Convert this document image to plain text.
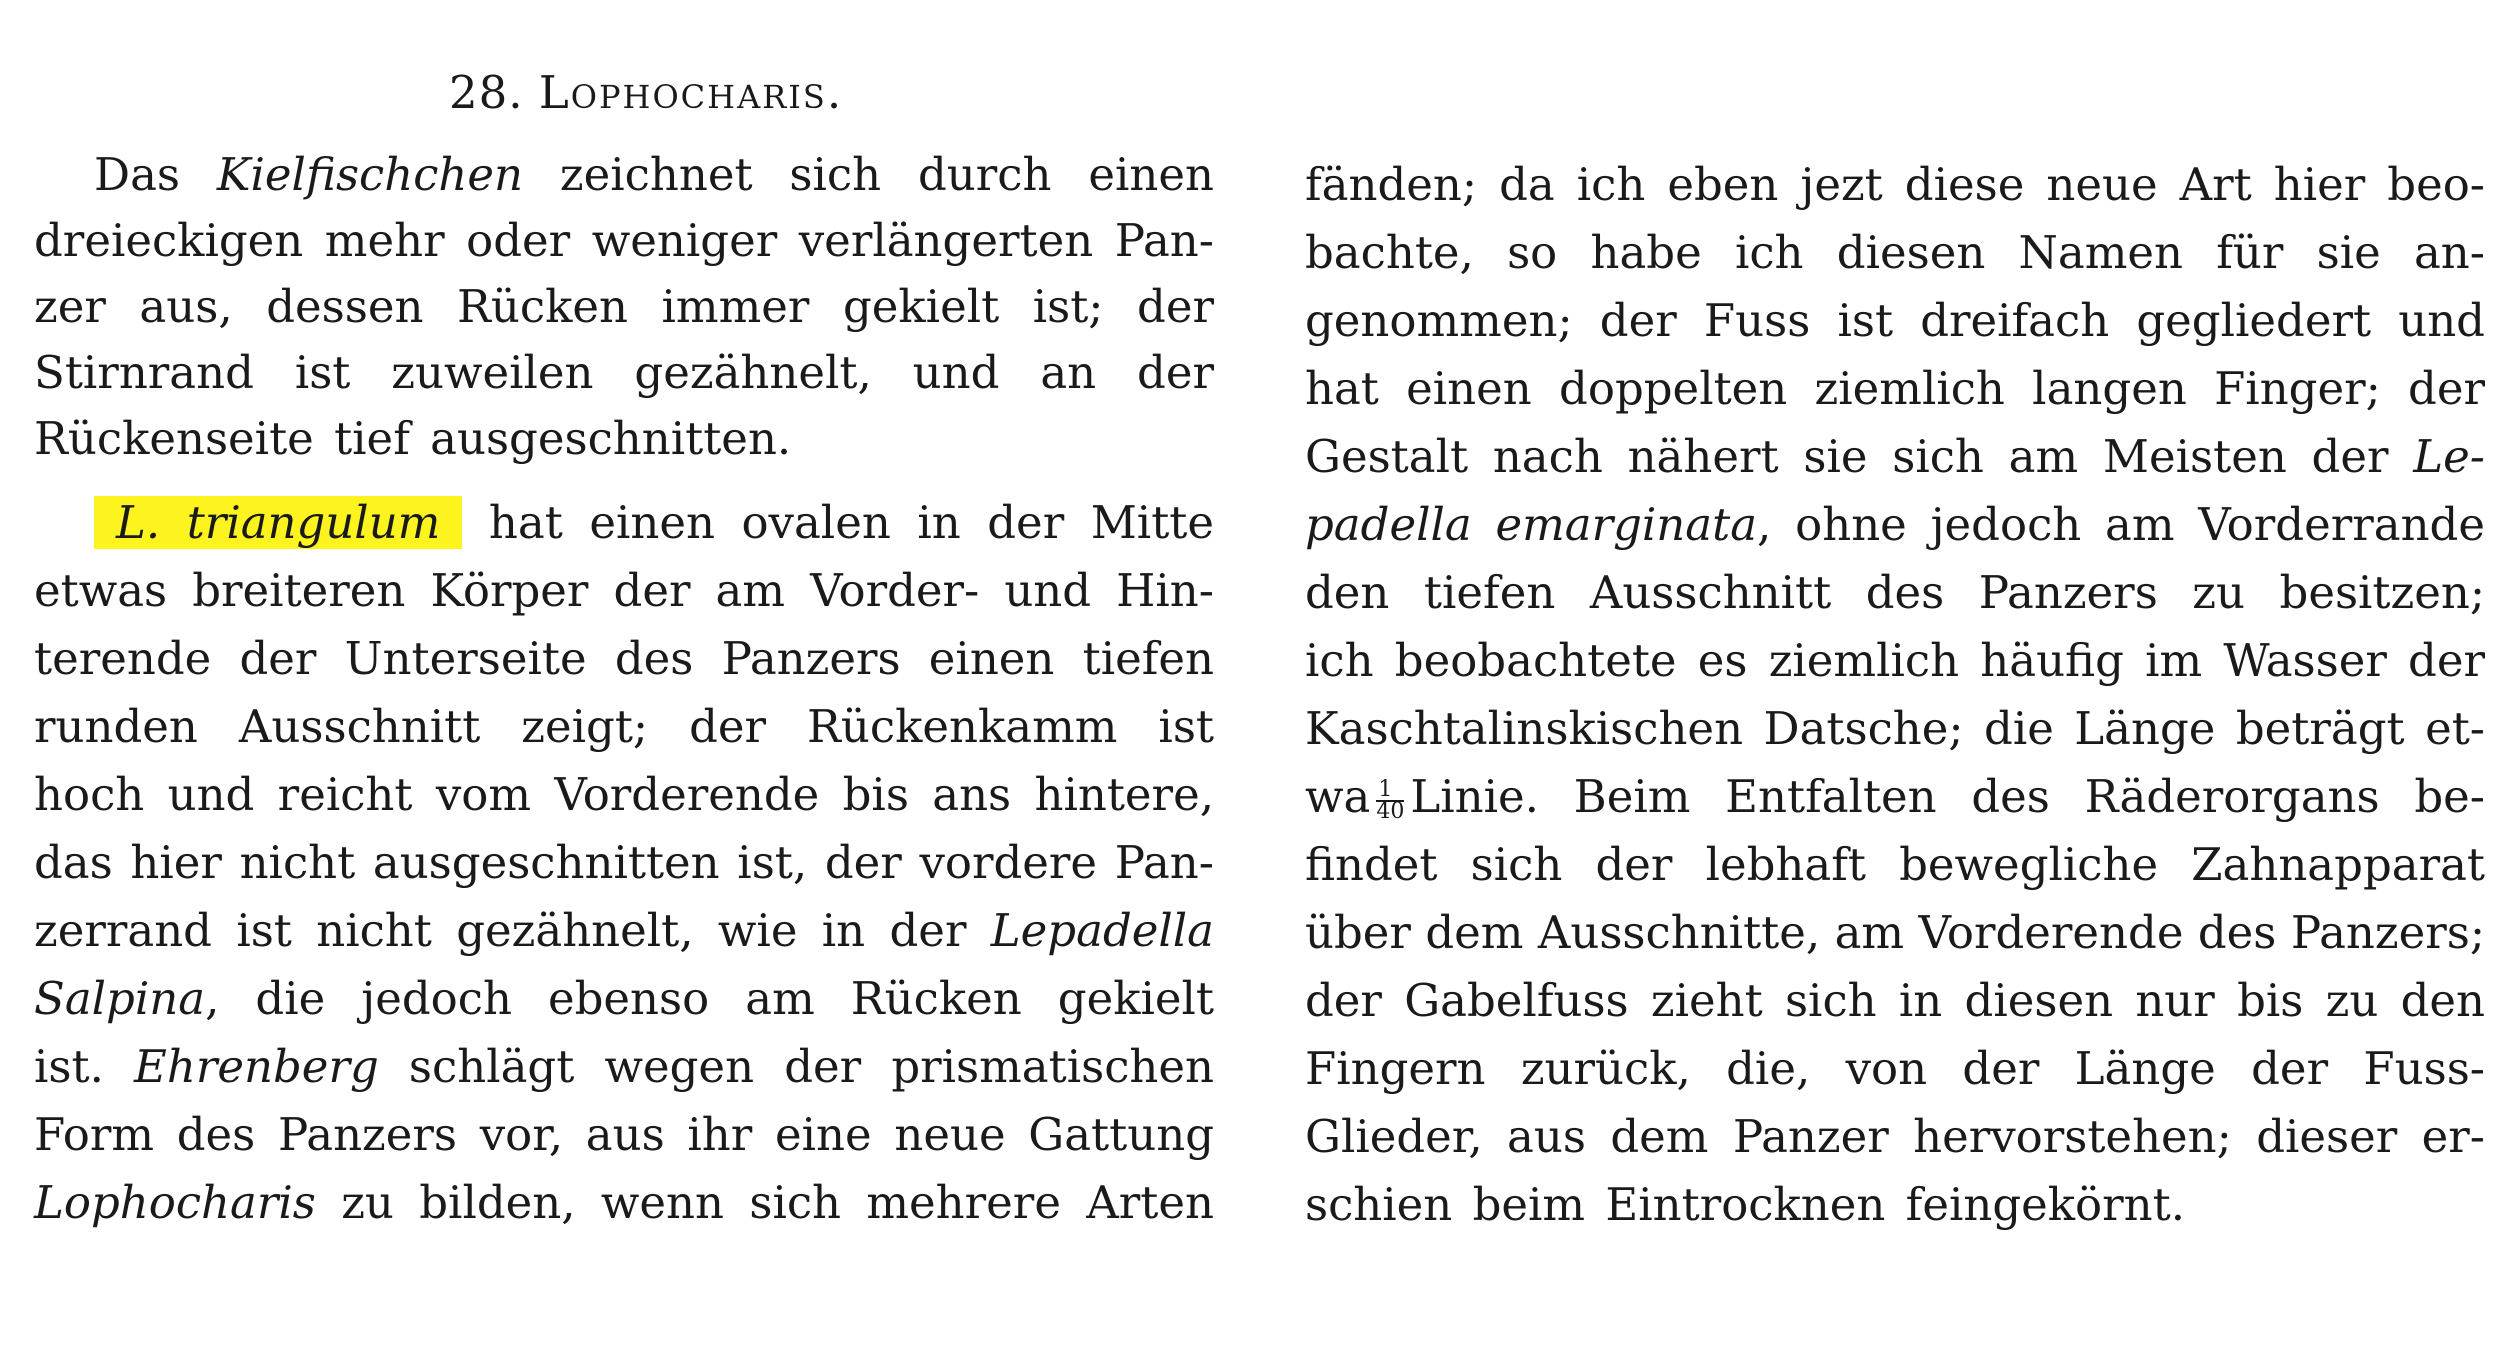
28. Lophocharis.
Das Kielfischchen zeichnet sich durch einen
dreieckigen mehr oder weniger verlängerten Pan-
zer aus, dessen Rücken immer gekielt ist; der
Stirnrand ist zuweilen gezähnelt, und an der
Rückenseite tief ausgeschnitten.
L. triangulum hat einen ovalen in der Mitte
etwas breiteren Körper der am Vorder- und Hin-
terende der Unterseite des Panzers einen tiefen
runden Ausschnitt zeigt; der Rückenkamm ist
hoch und reicht vom Vorderende bis ans hintere,
das hier nicht ausgeschnitten ist, der vordere Pan-
zerrand ist nicht gezähnelt, wie in der Lepadella
Salpina, die jedoch ebenso am Rücken gekielt
ist. Ehrenberg schlägt wegen der prismatischen
Form des Panzers vor, aus ihr eine neue Gattung
Lophocharis zu bilden, wenn sich mehrere Arten
fänden; da ich eben jezt diese neue Art hier beo-
bachte, so habe ich diesen Namen für sie an-
genommen; der Fuss ist dreifach gegliedert und
hat einen doppelten ziemlich langen Finger; der
Gestalt nach nähert sie sich am Meisten der Le-
padella emarginata, ohne jedoch am Vorderrande
den tiefen Ausschnitt des Panzers zu besitzen;
ich beobachtete es ziemlich häufig im Wasser der
Kaschtalinskischen Datsche; die Länge beträgt et-
wa $\frac{1}{40}$ Linie. Beim Entfalten des Räderorgans be-
findet sich der lebhaft bewegliche Zahnapparat
über dem Ausschnitte, am Vorderende des Panzers;
der Gabelfuss zieht sich in diesen nur bis zu den
Fingern zurück, die, von der Länge der Fuss-
Glieder, aus dem Panzer hervorstehen; dieser er-
schien beim Eintrocknen feingekörnt.
